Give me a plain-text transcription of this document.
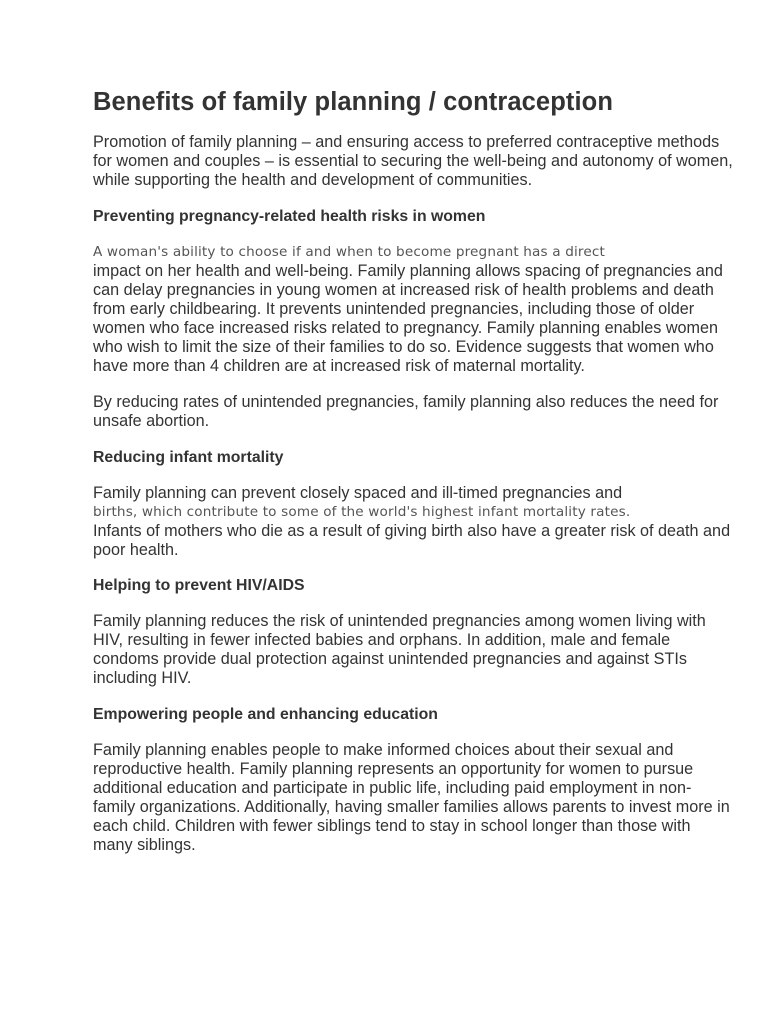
Benefits of family planning / contraception

Promotion of family planning – and ensuring access to preferred contraceptive methods for women and couples – is essential to securing the well-being and autonomy of women, while supporting the health and development of communities.

Preventing pregnancy-related health risks in women

A woman's ability to choose if and when to become pregnant has a direct
impact on her health and well-being. Family planning allows spacing of pregnancies and can delay pregnancies in young women at increased risk of health problems and death from early childbearing. It prevents unintended pregnancies, including those of older women who face increased risks related to pregnancy. Family planning enables women who wish to limit the size of their families to do so. Evidence suggests that women who have more than 4 children are at increased risk of maternal mortality.

By reducing rates of unintended pregnancies, family planning also reduces the need for unsafe abortion.

Reducing infant mortality

Family planning can prevent closely spaced and ill-timed pregnancies and
births, which contribute to some of the world's highest infant mortality rates.
Infants of mothers who die as a result of giving birth also have a greater risk of death and poor health.

Helping to prevent HIV/AIDS

Family planning reduces the risk of unintended pregnancies among women living with HIV, resulting in fewer infected babies and orphans. In addition, male and female condoms provide dual protection against unintended pregnancies and against STIs including HIV.

Empowering people and enhancing education

Family planning enables people to make informed choices about their sexual and reproductive health. Family planning represents an opportunity for women to pursue additional education and participate in public life, including paid employment in non-family organizations. Additionally, having smaller families allows parents to invest more in each child. Children with fewer siblings tend to stay in school longer than those with many siblings.
